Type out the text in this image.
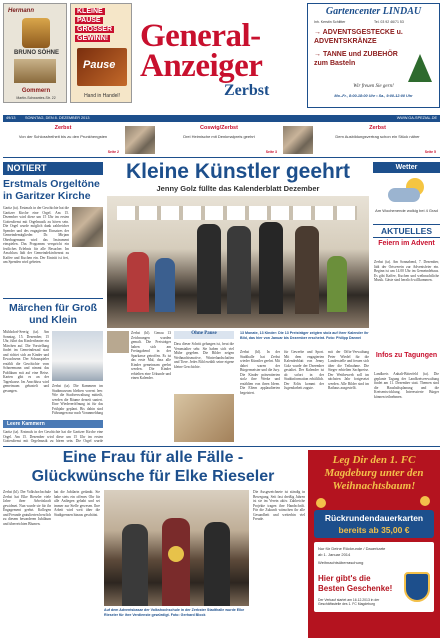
Hermann
BRUNO SÖHNE
Gommern
Martin-Schwantes-Str. 22
KLEINE
PAUSE
GROSSER
GEWINN!
Pause
Hand in Handel!
General-
Anzeiger
Zerbst
Gartencenter LINDAU
Inh. Kerstin Schlitter	Tel. 03 92 46/71 53
→ ADVENTSGESTECKE u. ADVENTSKRÄNZE
→ TANNE und ZUBEHÖR zum Basteln
Wir freuen Sie gern!
Mo.-Fr., 8:00-18:00 Uhr • Sa., 9:00-12:00 Uhr
49/13 SONNTAG, DEN 8. DEZEMBER 2013	WWW.GA-SPEZIAL.DE
Zerbst
Von der Schlossfreiheit bis zu den Prunkhengsten
Seite 2
Coswig/Zerbst
Drei Heimische mit Denkmalpreis geehrt
Seite 3
Zerbst
Dem Ausbildungsvertrag schon ein Stück näher
Seite 5
NOTIERT
Erstmals Orgeltöne in Garitzer Kirche
Garitz (ta). Erstmals in der Geschichte hat die Garitzer Kirche eine Orgel. Am 15. Dezember wird diese um 15 Uhr im ersten Gottesdienst mit Orgelmusik zu hören sein. Die Orgel wurde möglich dank zahlreicher Spender und des engagierten Einsatzes der Gemeindemitglieder. Dr. Mirjam Oberhagemann wird das Instrument einspielen. Das Programm verspricht ein festliches Erlebnis für alle Besucher. Im Anschluss lädt der Gemeindekirchenrat zu Kaffee und Kuchen ein. Der Eintritt ist frei, um Spenden wird gebeten.
Märchen für Groß und Klein
Mühlsdorf-Seerig (ta). Am Sonntag, 15. Dezember, 15 Uhr, führt das Kindertheater ein Märchen auf. Die Vorstellung findet im Gemeindesaal statt und richtet sich an Kinder und Erwachsene. Der Schauspieler erzählt die Geschichte vom Schneemann und nimmt das Publikum mit auf eine Reise. Karten gibt es an der Tageskasse. Im Anschluss wird gemeinsam gebastelt und gesungen.
Zerbst (ta). Die Kammern im Stadtmuseum bleiben vorerst leer. Wie die Stadtverwaltung mitteilt, werden die Räume derzeit saniert. Eine Wiedereröffnung ist für das Frühjahr geplant. Bis dahin sind Führungen nur nach Voranmeldung
Leere Kammern
Garitz (ta). Erstmals in der Geschichte hat die Garitzer Kirche eine Orgel. Am 15. Dezember wird diese um 15 Uhr im ersten Gottesdienst mit Orgelmusik zu hören sein. Die Orgel wurde
Kleine Künstler geehrt
Jenny Golz füllte das Kalenderblatt Dezember
13 Monate, 13 Kinder: Die 13 Preisträger zeigten stolz auf ihrer Kalender ihr Bild, das hier von Januar bis Dezember erscheint. Foto: Philipp Dannei
Zerbst (hl). Genau 13 Zeichnungen wurden gemalt. Die Preisträger haben sich am Freitagabend in der Sparkasse getroffen. Es ist das erste Mal, dass alle Kinder gemeinsam geehrt werden. Die Kinder erhielten eine Urkunde und einen Kalender.
Ohne Pause
Dass dieser Schritt gelungen ist, freut die Veranstalter sehr. Sie haben sich viel Mühe gegeben. Die Bilder zeigen Weihnachtsmotive, Winterlandschaften und Tiere. Jedes Bild erzählt seine eigene kleine Geschichte.
Zerbst (hl). In der Stadthalle hat Zerbst wieder Künstler geehrt. Mit dabei waren der Bürgermeister und die Jury. Die Kinder präsentierten stolz ihre Werke und erzählten von ihren Ideen. Die Eltern applaudierten begeistert.
für Gewerbe und Sport. Mit dem engagierten Kalenderblatt von Jenny Golz wurde der Dezember gestaltet. Der Kalender ist ab sofort in der Stadtinformation erhältlich. Der Erlös kommt der Jugendarbeit zugute.
mit der Offiz-Verwaltung Peter Wiedel für die Landesstelle und freuen sich über die Teilnahme. Die Sieger erhielten Sachpreise. Der Wettbewerb soll im nächsten Jahr fortgesetzt werden. Alle Bilder sind im Rathaus ausgestellt.
Wetter
Am Wochenende wolkig bei 4 Grad
AKTUELLES
Feiern im Advent
Zerbst (ta). Am Sonnabend, 7. Dezember, lädt der Ortsverein zur Adventsfeier ein. Beginn ist um 14.00 Uhr im Gemeindehaus. Es gibt Kaffee, Kuchen und weihnachtliche Musik. Gäste sind herzlich willkommen.
Infos zu Tagungen
Landkreis Anhalt-Bitterfeld (ta). Die geplante Tagung der Landkreisverwaltung findet am 11. Dezember statt. Themen sind die Haushaltsplanung und die Kreisentwicklung. Interessierte Bürger können teilnehmen.
Eine Frau für alle Fälle -
Glückwünsche für Elke Rieseler
Zerbst (hl). Der Volkshochschule Zerbst hat Elke Rieseler viele Jahre ihrer Arbeitskraft gewidmet. Nun wurde sie für ihr Engagement geehrt. Kollegen und Freunde gratulierten herzlich zu diesem besonderen Jubiläum und überreichten Blumen.
hat die Jubilarin gedankt. Sie habe stets ein offenes Ohr für alle Anliegen gehabt und sei immer zur Stelle gewesen. Ihre Arbeit wird weit über die Stadtgrenzen hinaus geschätzt.
Auf dem Adventsbasar der Volkshochschule in der Zerbster Stadthalle wurde Elke Rieseler für ihre Verdienste gewürdigt. Foto: Gerhard Block
Die Ausgezeichnete ist ständig in Bewegung. Seit fast dreißig Jahren ist sie im Verein aktiv. Zahlreiche Projekte tragen ihre Handschrift. Für die Zukunft wünschen ihr alle Gesundheit und weiterhin viel Freude.
Leg Dir den 1. FC
Magdeburg unter den
Weihnachtsbaum!
Rückrundendauerkarten
bereits ab 35,00 €
Nur für Deine Rückrunde / Dauerkarte
ab 1. Januar 2014
Weihnachtsüberraschung
Hier gibt's die
Besten Geschenke!
Der Verkauf startet am 16.12.2013 in der Geschäftsstelle des 1. FC Magdeburg
